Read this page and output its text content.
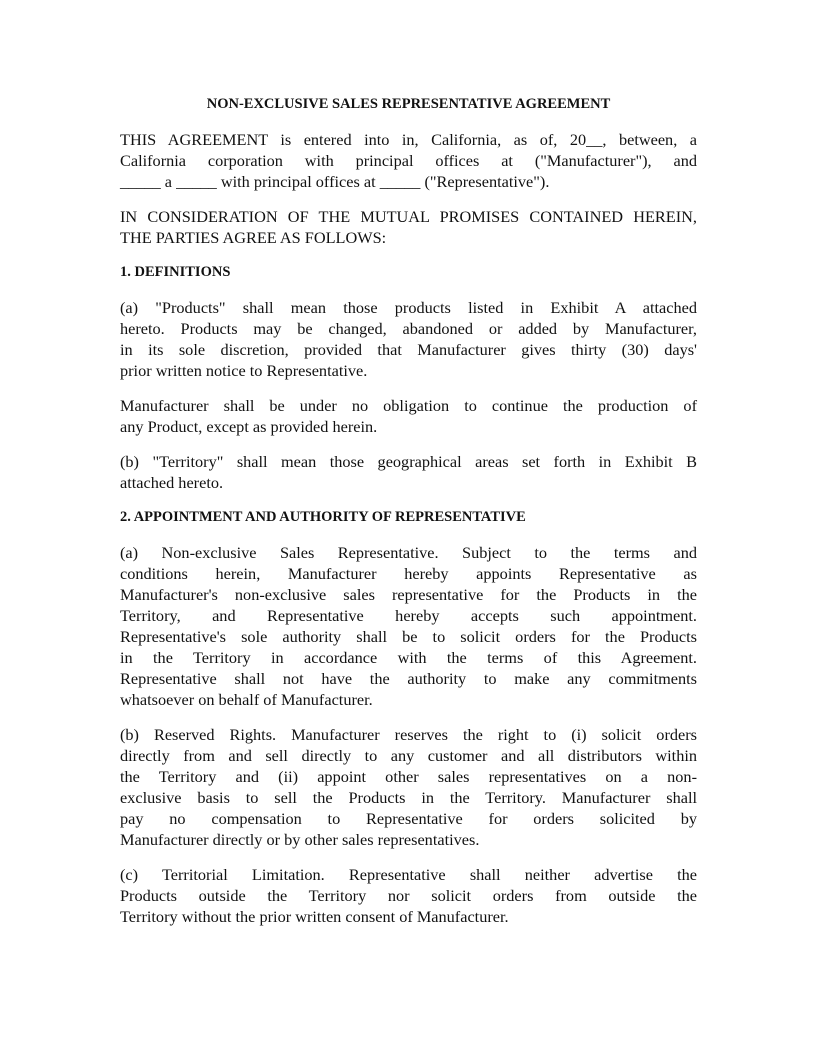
NON-EXCLUSIVE SALES REPRESENTATIVE AGREEMENT
THIS AGREEMENT is entered into in, California, as of, 20__, between, a
California corporation with principal offices at ("Manufacturer"), and
_____ a _____ with principal offices at _____ ("Representative").
IN CONSIDERATION OF THE MUTUAL PROMISES CONTAINED HEREIN,
THE PARTIES AGREE AS FOLLOWS:
1. DEFINITIONS
(a) "Products" shall mean those products listed in Exhibit A attached
hereto. Products may be changed, abandoned or added by Manufacturer,
in its sole discretion, provided that Manufacturer gives thirty (30) days'
prior written notice to Representative.
Manufacturer shall be under no obligation to continue the production of
any Product, except as provided herein.
(b) "Territory" shall mean those geographical areas set forth in Exhibit B
attached hereto.
2. APPOINTMENT AND AUTHORITY OF REPRESENTATIVE
(a) Non-exclusive Sales Representative. Subject to the terms and
conditions herein, Manufacturer hereby appoints Representative as
Manufacturer's non-exclusive sales representative for the Products in the
Territory, and Representative hereby accepts such appointment.
Representative's sole authority shall be to solicit orders for the Products
in the Territory in accordance with the terms of this Agreement.
Representative shall not have the authority to make any commitments
whatsoever on behalf of Manufacturer.
(b) Reserved Rights. Manufacturer reserves the right to (i) solicit orders
directly from and sell directly to any customer and all distributors within
the Territory and (ii) appoint other sales representatives on a non-
exclusive basis to sell the Products in the Territory. Manufacturer shall
pay no compensation to Representative for orders solicited by
Manufacturer directly or by other sales representatives.
(c) Territorial Limitation. Representative shall neither advertise the
Products outside the Territory nor solicit orders from outside the
Territory without the prior written consent of Manufacturer.
